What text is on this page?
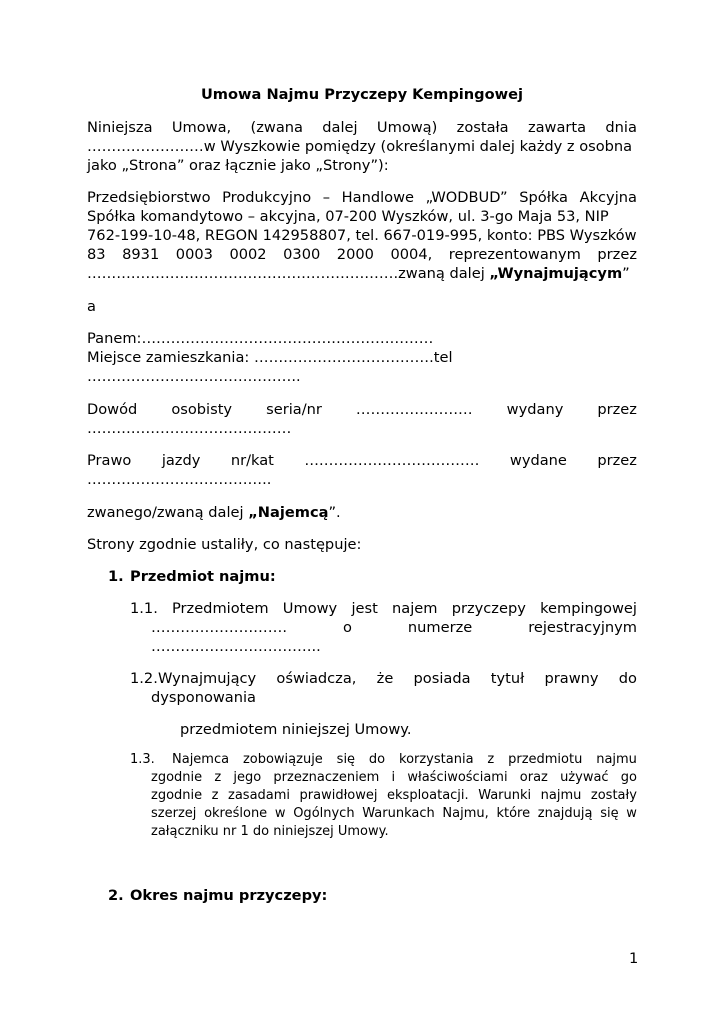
Umowa Najmu Przyczepy Kempingowej
Niniejsza Umowa, (zwana dalej Umową) została zawarta dnia
……………………w Wyszkowie pomiędzy (określanymi dalej każdy z osobna
jako „Strona” oraz łącznie jako „Strony”):
Przedsiębiorstwo Produkcyjno – Handlowe „WODBUD” Spółka Akcyjna
Spółka komandytowo – akcyjna, 07-200 Wyszków, ul. 3-go Maja 53, NIP
762-199-10-48, REGON 142958807, tel. 667-019-995, konto: PBS Wyszków
83 8931 0003 0002 0300 2000 0004, reprezentowanym przez
……………………………………………………….zwaną dalej „Wynajmującym”
a
Panem:……………………………………………………
Miejsce zamieszkania: ……………………………….tel
……………………………………..
Dowód osobisty seria/nr …………………… wydany przez
……………………………………
Prawo jazdy nr/kat ……………………………… wydane przez
………………………………..
zwanego/zwaną dalej „Najemcą”.
Strony zgodnie ustaliły, co następuje:
1. Przedmiot najmu:
1.1. Przedmiotem Umowy jest najem przyczepy kempingowej
……………………….	o	numerze	rejestracyjnym
……………………………..
1.2. Wynajmujący oświadcza, że posiada tytuł prawny do
dysponowania
przedmiotem niniejszej Umowy.
1.3. Najemca zobowiązuje się do korzystania z przedmiotu najmu
zgodnie z jego przeznaczeniem i właściwościami oraz używać go
zgodnie z zasadami prawidłowej eksploatacji. Warunki najmu zostały
szerzej określone w Ogólnych Warunkach Najmu, które znajdują się w
załączniku nr 1 do niniejszej Umowy.
2. Okres najmu przyczepy:
1
